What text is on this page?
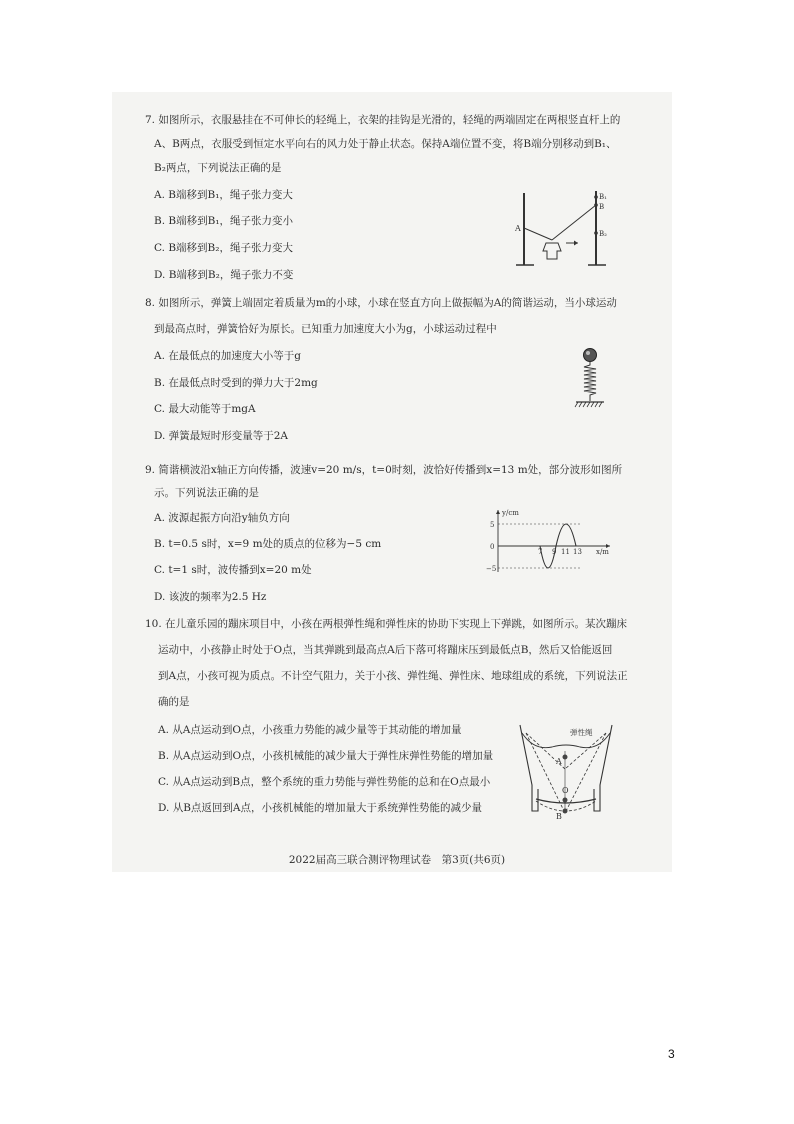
7. 如图所示，衣服悬挂在不可伸长的轻绳上，衣架的挂钩是光滑的，轻绳的两端固定在两根竖直杆上的
A、B两点，衣服受到恒定水平向右的风力处于静止状态。保持A端位置不变，将B端分别移动到B₁、
B₂两点，下列说法正确的是
A. B端移到B₁，绳子张力变大
B. B端移到B₁，绳子张力变小
C. B端移到B₂，绳子张力变大
D. B端移到B₂，绳子张力不变
A
B₁
B
B₂
8. 如图所示，弹簧上端固定着质量为m的小球，小球在竖直方向上做振幅为A的简谐运动，当小球运动
到最高点时，弹簧恰好为原长。已知重力加速度大小为g，小球运动过程中
A. 在最低点的加速度大小等于g
B. 在最低点时受到的弹力大于2mg
C. 最大动能等于mgA
D. 弹簧最短时形变量等于2A
9. 简谐横波沿x轴正方向传播，波速v=20 m/s，t=0时刻，波恰好传播到x=13 m处，部分波形如图所
示。下列说法正确的是
A. 波源起振方向沿y轴负方向
B. t=0.5 s时，x=9 m处的质点的位移为−5 cm
C. t=1 s时，波传播到x=20 m处
D. 该波的频率为2.5 Hz
y/cm
x/m
5
0
−5
7 9 11 13
10. 在儿童乐园的蹦床项目中，小孩在两根弹性绳和弹性床的协助下实现上下弹跳，如图所示。某次蹦床
运动中，小孩静止时处于O点，当其弹跳到最高点A后下落可将蹦床压到最低点B，然后又恰能返回
到A点，小孩可视为质点。不计空气阻力，关于小孩、弹性绳、弹性床、地球组成的系统，下列说法正
确的是
A. 从A点运动到O点，小孩重力势能的减少量等于其动能的增加量
B. 从A点运动到O点，小孩机械能的减少量大于弹性床弹性势能的增加量
C. 从A点运动到B点，整个系统的重力势能与弹性势能的总和在O点最小
D. 从B点返回到A点，小孩机械能的增加量大于系统弹性势能的减少量
弹性绳
A
O
B
2022届高三联合测评物理试卷　第3页(共6页)
3
